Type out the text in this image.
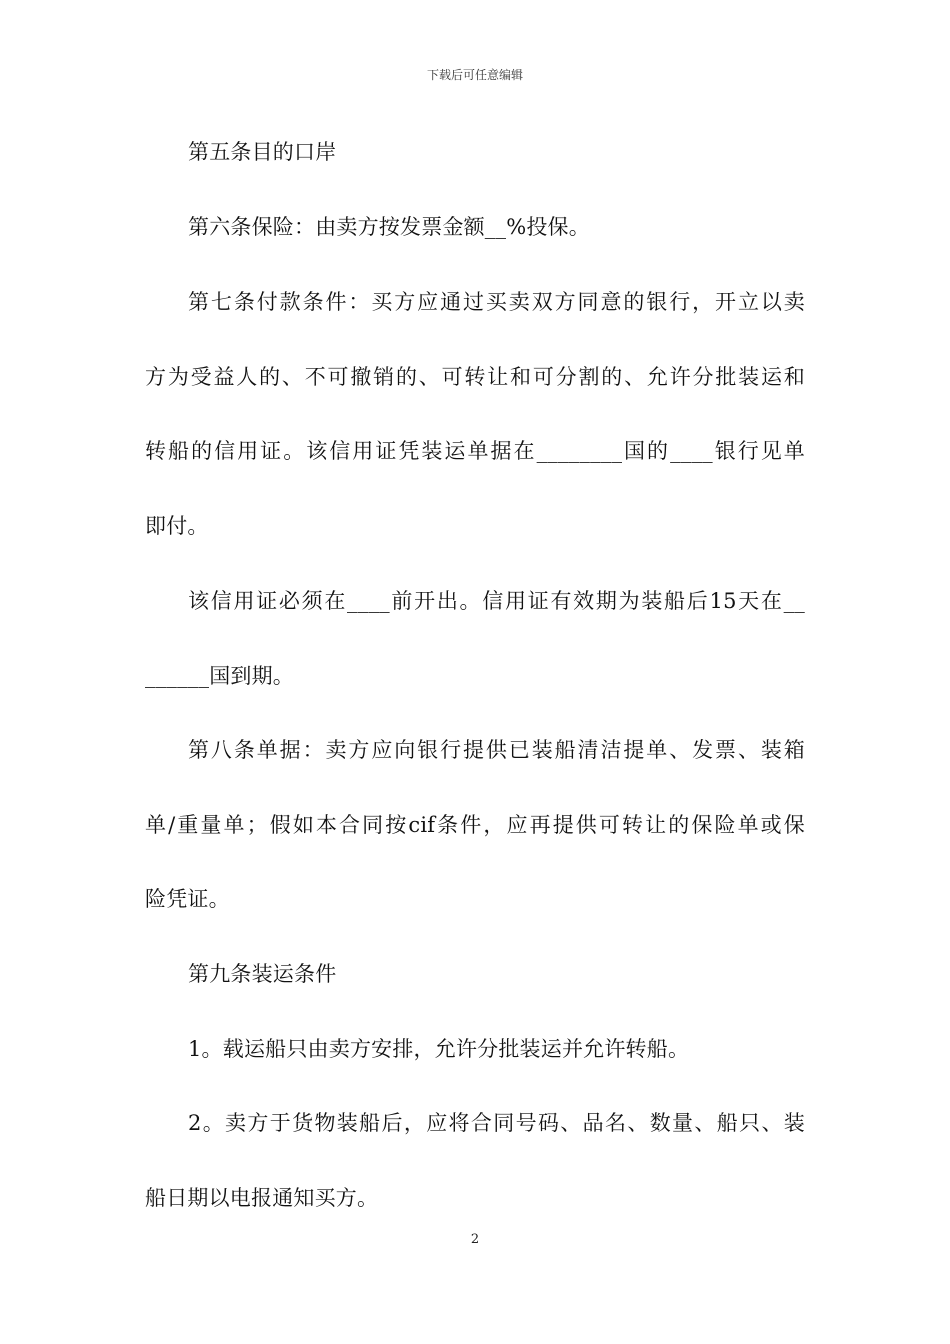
下载后可任意编辑
第五条目的口岸
第六条保险：由卖方按发票金额__%投保。
第七条付款条件：买方应通过买卖双方同意的银行，开立以卖
方为受益人的、不可撤销的、可转让和可分割的、允许分批装运和
转船的信用证。该信用证凭装运单据在________国的____银行见单
即付。
该信用证必须在____前开出。信用证有效期为装船后15天在__
______国到期。
第八条单据：卖方应向银行提供已装船清洁提单、发票、装箱
单/重量单；假如本合同按cif条件，应再提供可转让的保险单或保
险凭证。
第九条装运条件
1。载运船只由卖方安排，允许分批装运并允许转船。
2。卖方于货物装船后，应将合同号码、品名、数量、船只、装
船日期以电报通知买方。
2
